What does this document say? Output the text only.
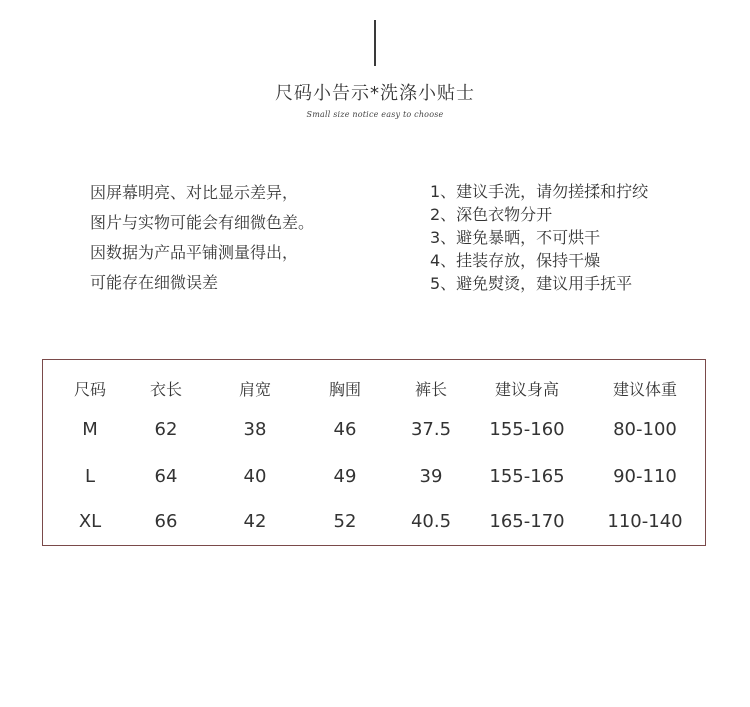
尺码小告示*洗涤小贴士
Small size notice easy to choose
因屏幕明亮、对比显示差异，
图片与实物可能会有细微色差。
因数据为产品平铺测量得出，
可能存在细微误差
1、建议手洗，请勿搓揉和拧绞
2、深色衣物分开
3、避免暴晒，不可烘干
4、挂装存放，保持干燥
5、避免熨烫，建议用手抚平
尺码	衣长	肩宽	胸围	裤长	建议身高	建议体重
M	62	38	46	37.5	155-160	80-100
L	64	40	49	39	155-165	90-110
XL	66	42	52	40.5	165-170	110-140
